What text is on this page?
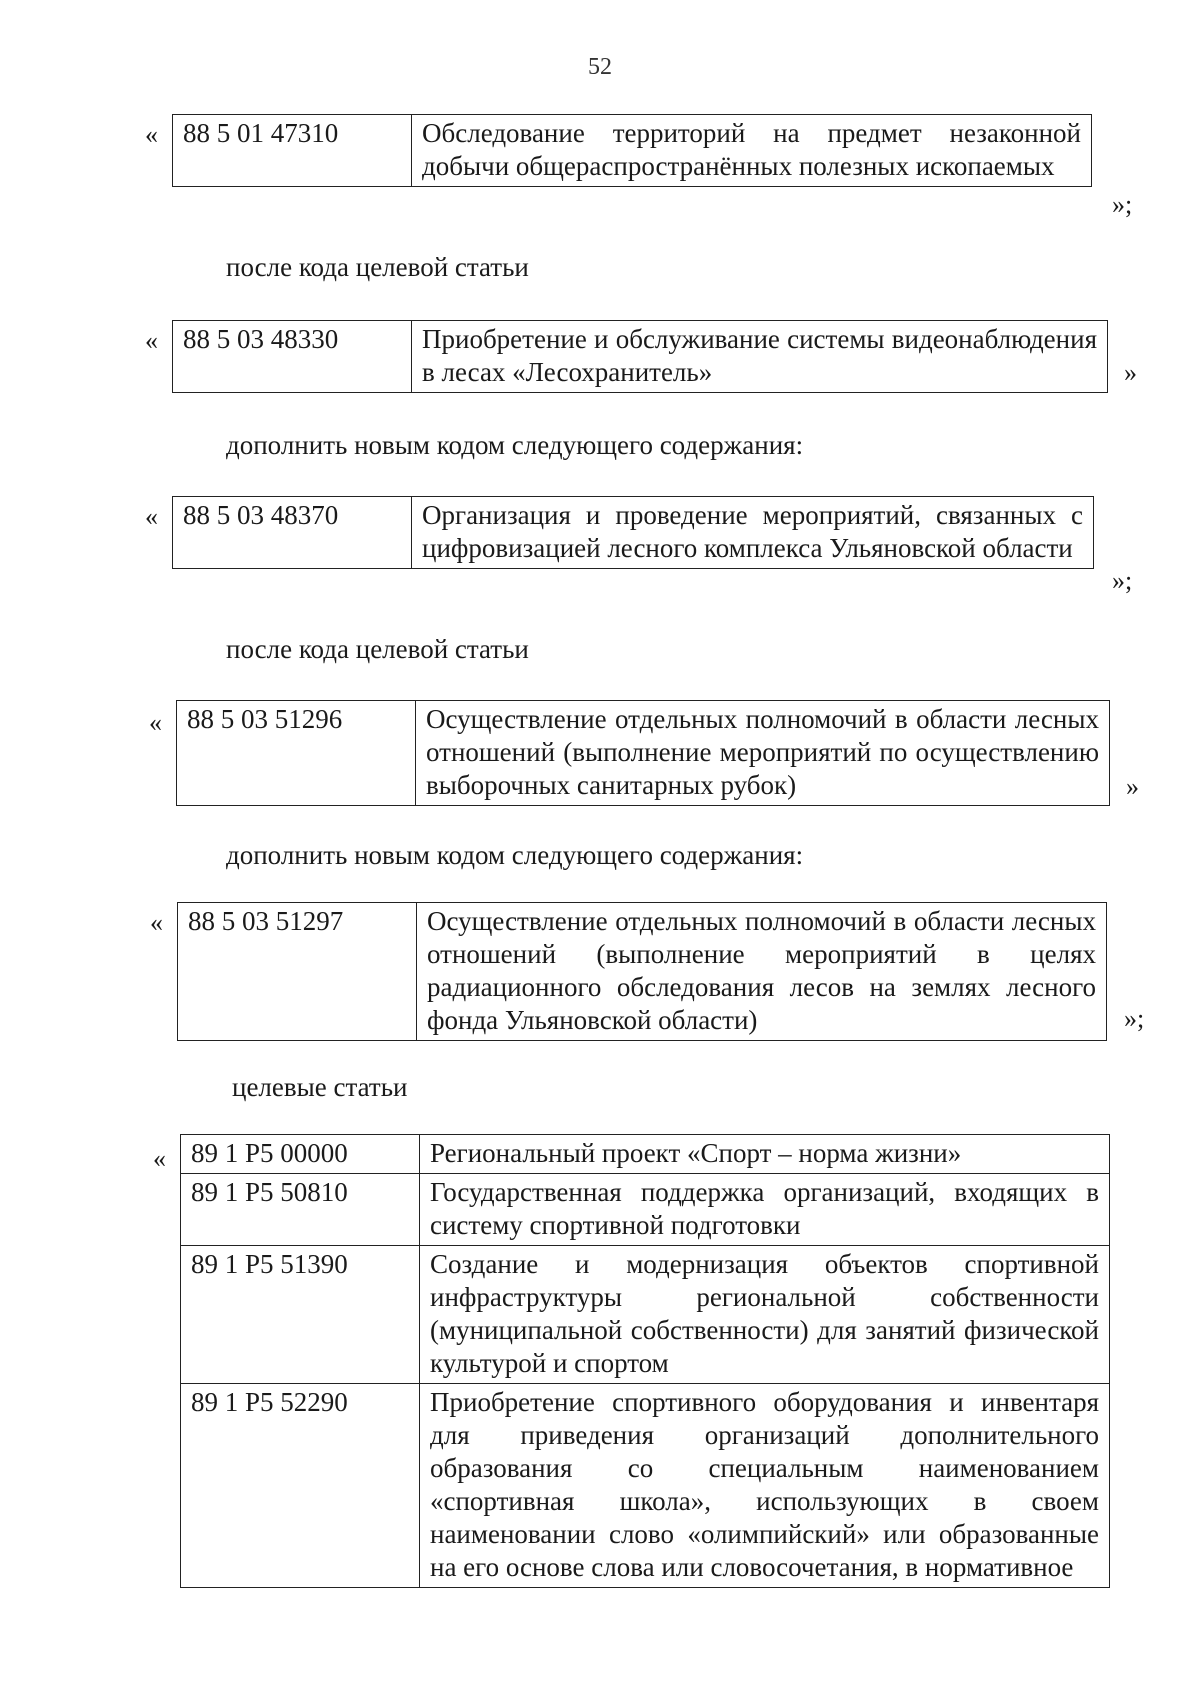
52
« 88 5 01 47310	Обследование территорий на предмет незаконной добычи общераспространённых полезных ископаемых
»;
после кода целевой статьи
« 88 5 03 48330	Приобретение и обслуживание системы видеонаблюдения в лесах «Лесохранитель»	»
дополнить новым кодом следующего содержания:
« 88 5 03 48370	Организация и проведение мероприятий, связанных с цифровизацией лесного комплекса Ульяновской области
»;
после кода целевой статьи
« 88 5 03 51296	Осуществление отдельных полномочий в области лесных отношений (выполнение мероприятий по осуществлению выборочных санитарных рубок)	»
дополнить новым кодом следующего содержания:
« 88 5 03 51297	Осуществление отдельных полномочий в области лесных отношений (выполнение мероприятий в целях радиационного обследования лесов на землях лесного фонда Ульяновской области)	»;
целевые статьи
« 89 1 P5 00000	Региональный проект «Спорт – норма жизни»
89 1 P5 50810	Государственная поддержка организаций, входящих в систему спортивной подготовки
89 1 P5 51390	Создание и модернизация объектов спортивной инфраструктуры региональной собственности (муниципальной собственности) для занятий физической культурой и спортом
89 1 P5 52290	Приобретение спортивного оборудования и инвентаря для приведения организаций дополнительного образования со специальным наименованием «спортивная школа», использующих в своем наименовании слово «олимпийский» или образованные на его основе слова или словосочетания, в нормативное
